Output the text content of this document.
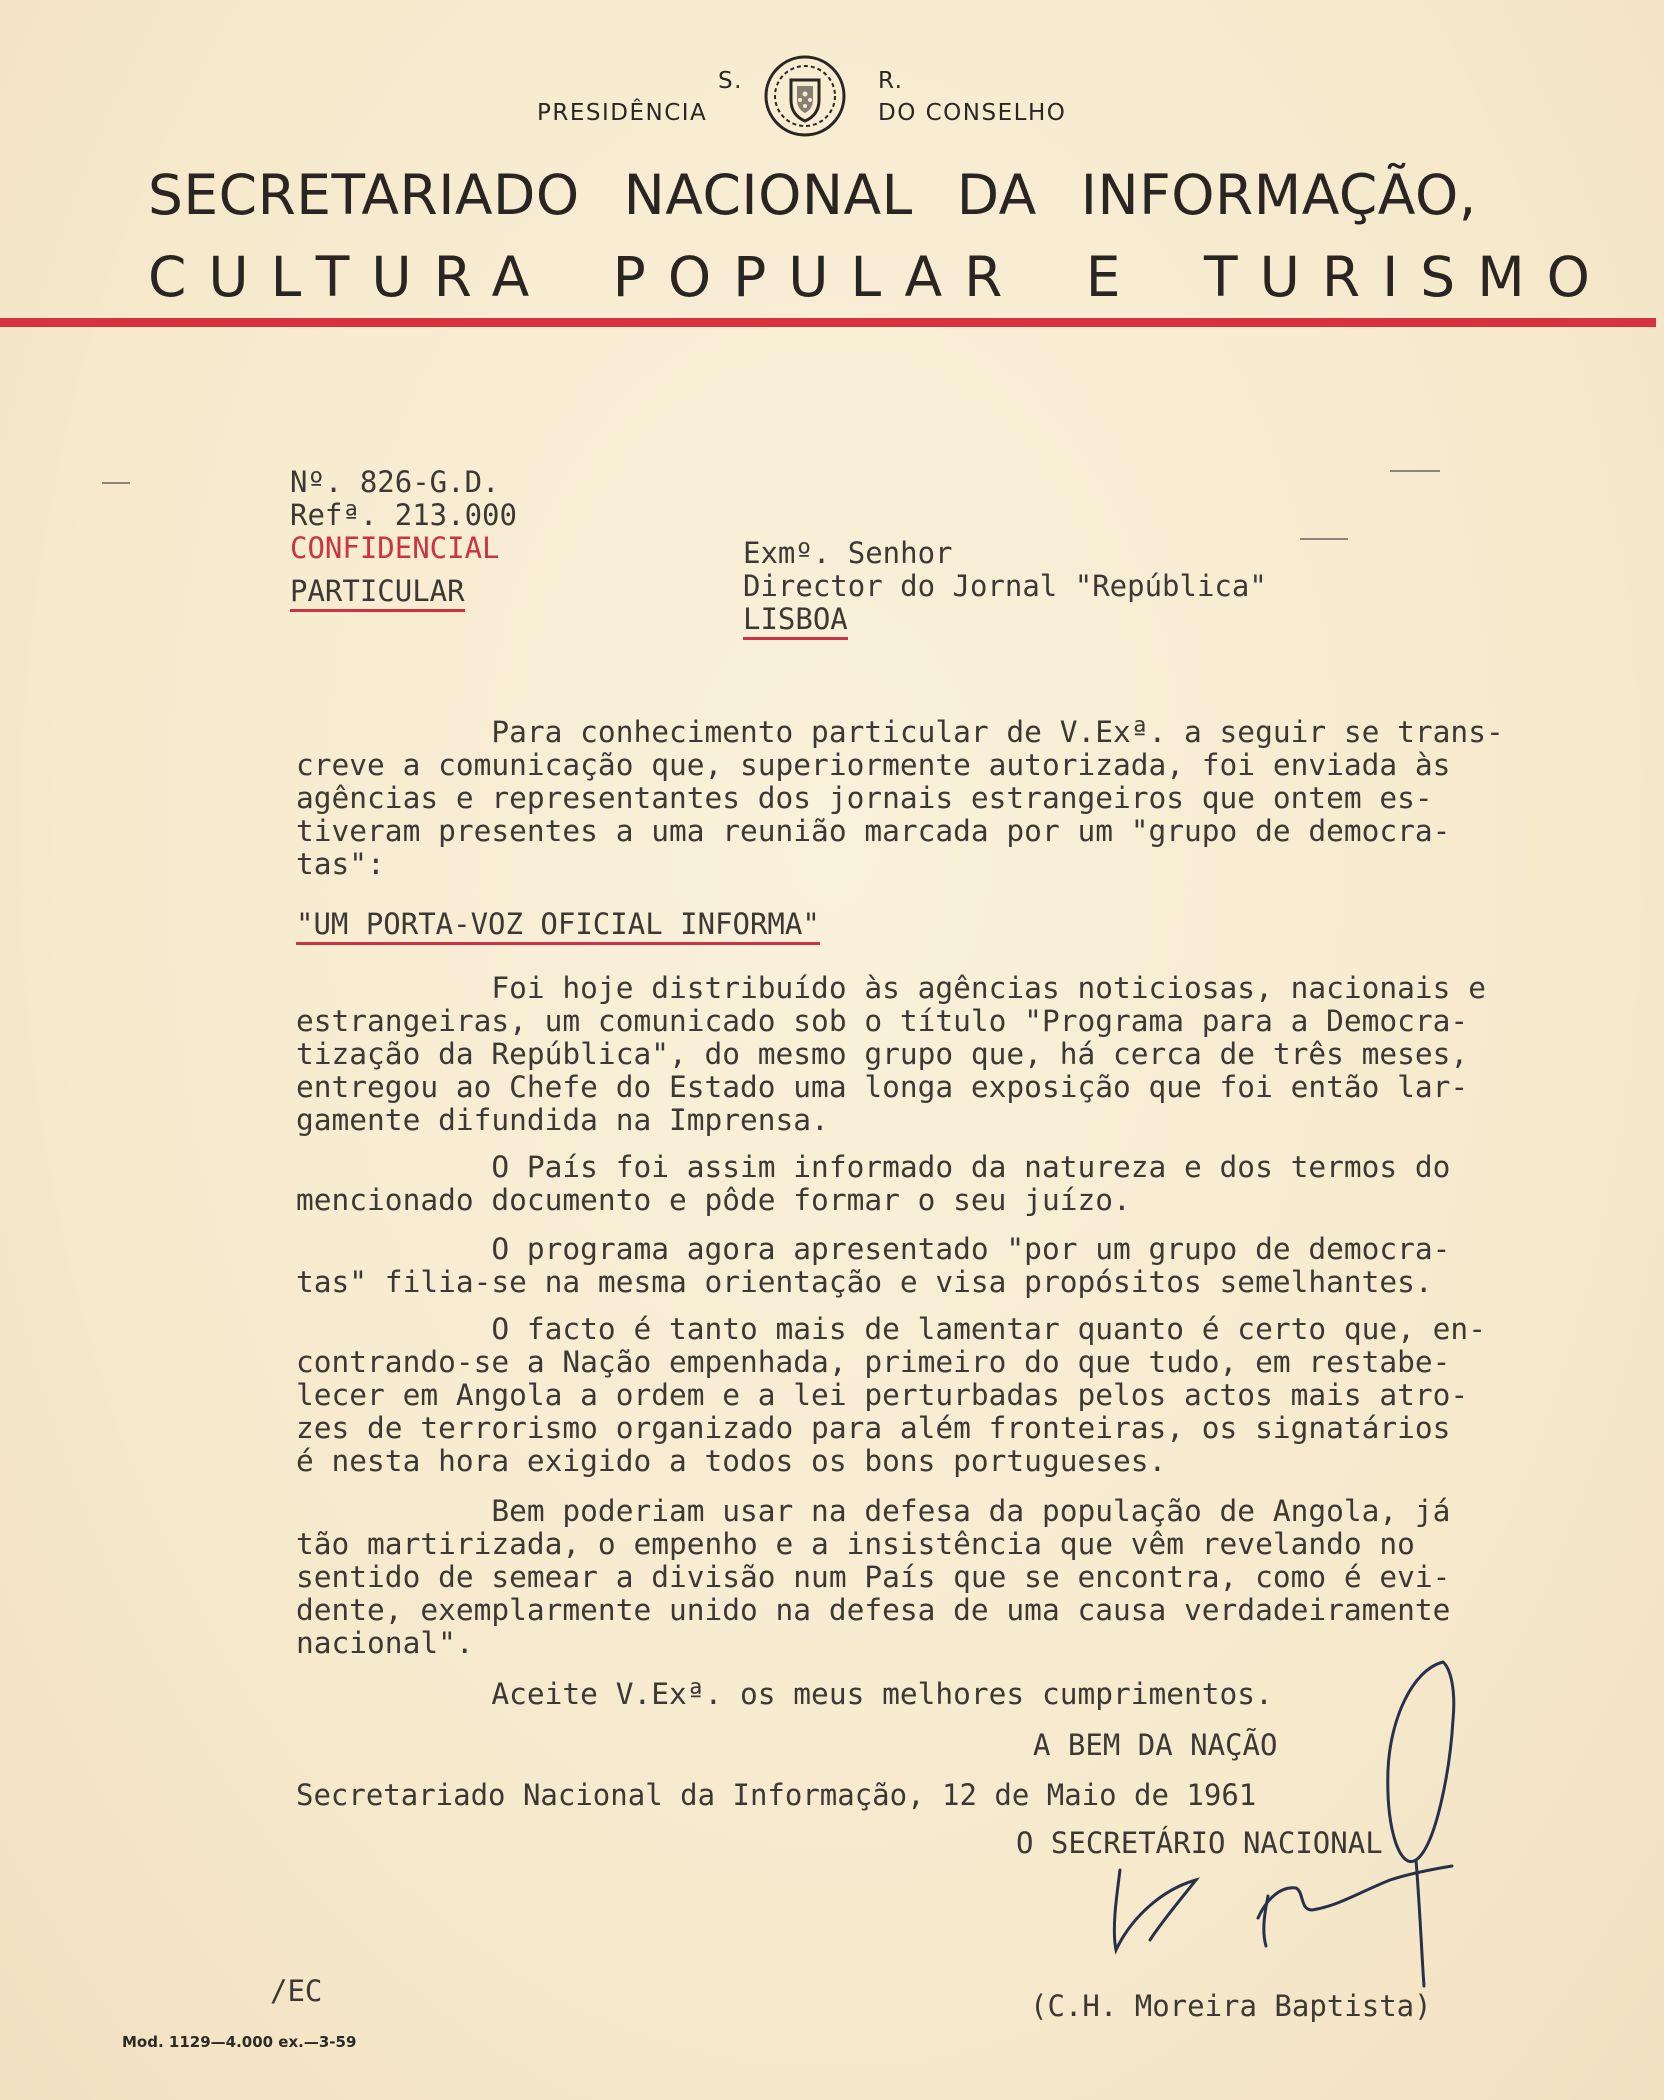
S.	R.
PRESIDÊNCIA	DO CONSELHO
SECRETARIADO NACIONAL DA INFORMAÇÃO,
CULTURA POPULAR E TURISMO
Nº. 826-G.D.
Refª. 213.000
CONFIDENCIAL
PARTICULAR
Exmº. Senhor
Director do Jornal "República"
LISBOA
Para conhecimento particular de V.Exª. a seguir se trans-
creve a comunicação que, superiormente autorizada, foi enviada às
agências e representantes dos jornais estrangeiros que ontem es-
tiveram presentes a uma reunião marcada por um "grupo de democra-
tas":
"UM PORTA-VOZ OFICIAL INFORMA"
Foi hoje distribuído às agências noticiosas, nacionais e
estrangeiras, um comunicado sob o título "Programa para a Democra-
tização da República", do mesmo grupo que, há cerca de três meses,
entregou ao Chefe do Estado uma longa exposição que foi então lar-
gamente difundida na Imprensa.
O País foi assim informado da natureza e dos termos do
mencionado documento e pôde formar o seu juízo.
O programa agora apresentado "por um grupo de democra-
tas" filia-se na mesma orientação e visa propósitos semelhantes.
O facto é tanto mais de lamentar quanto é certo que, en-
contrando-se a Nação empenhada, primeiro do que tudo, em restabe-
lecer em Angola a ordem e a lei perturbadas pelos actos mais atro-
zes de terrorismo organizado para além fronteiras, os signatários
é nesta hora exigido a todos os bons portugueses.
Bem poderiam usar na defesa da população de Angola, já
tão martirizada, o empenho e a insistência que vêm revelando no
sentido de semear a divisão num País que se encontra, como é evi-
dente, exemplarmente unido na defesa de uma causa verdadeiramente
nacional".
Aceite V.Exª. os meus melhores cumprimentos.
A BEM DA NAÇÃO
Secretariado Nacional da Informação, 12 de Maio de 1961
O SECRETÁRIO NACIONAL
(C.H. Moreira Baptista)
/EC
Mod. 1129—4.000 ex.—3-59
